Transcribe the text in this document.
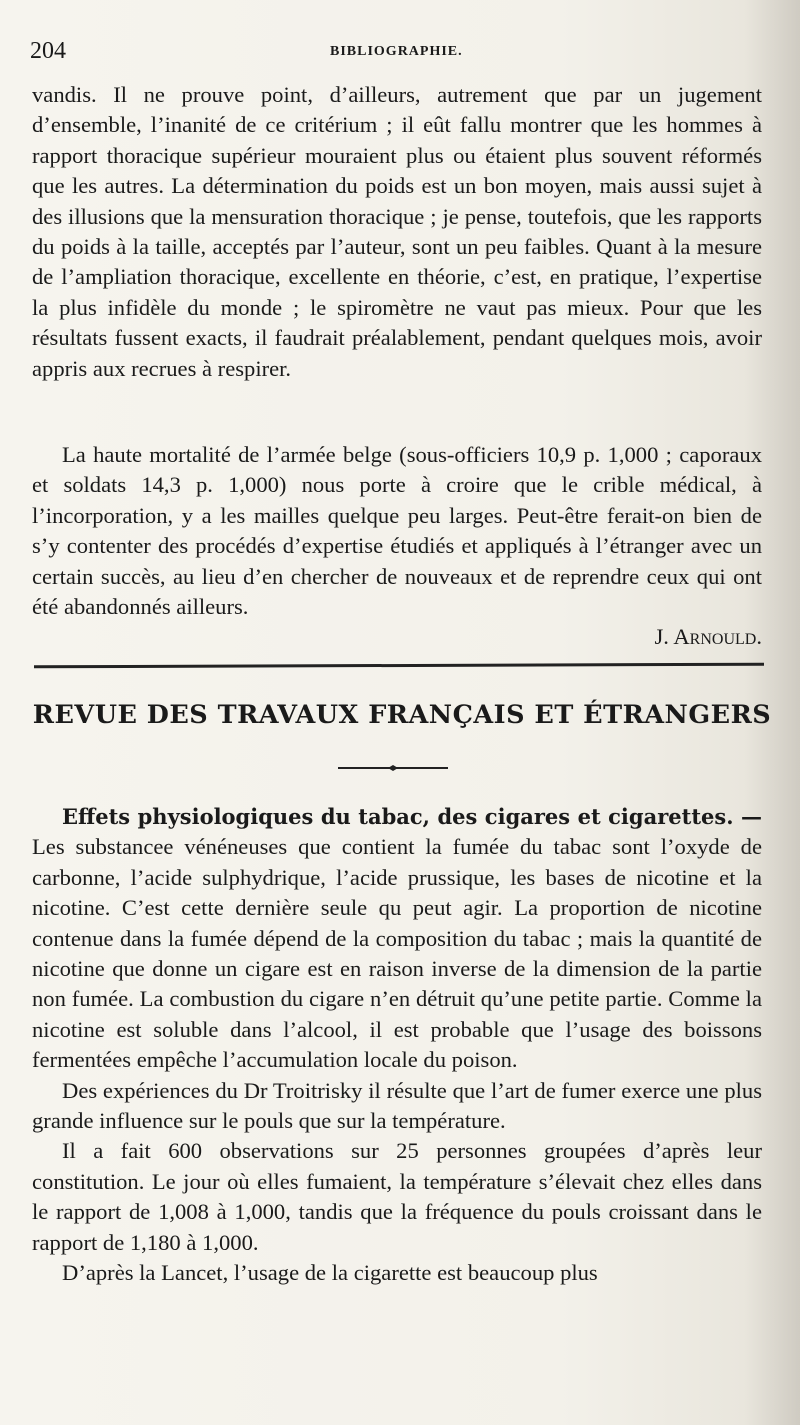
204	BIBLIOGRAPHIE.

vandis. Il ne prouve point, d’ailleurs, autrement que par un jugement d’ensemble, l’inanité de ce critérium ; il eût fallu montrer que les hommes à rapport thoracique supérieur mouraient plus ou étaient plus souvent réformés que les autres. La détermination du poids est un bon moyen, mais aussi sujet à des illusions que la mensuration thoracique ; je pense, toutefois, que les rapports du poids à la taille, acceptés par l’auteur, sont un peu faibles. Quant à la mesure de l’ampliation thoracique, excellente en théorie, c’est, en pratique, l’expertise la plus infidèle du monde ; le spiromètre ne vaut pas mieux. Pour que les résultats fussent exacts, il faudrait préalablement, pendant quelques mois, avoir appris aux recrues à respirer.

La haute mortalité de l’armée belge (sous-officiers 10,9 p. 1,000 ; caporaux et soldats 14,3 p. 1,000) nous porte à croire que le crible médical, à l’incorporation, y a les mailles quelque peu larges. Peut-être ferait-on bien de s’y contenter des procédés d’expertise étudiés et appliqués à l’étranger avec un certain succès, au lieu d’en chercher de nouveaux et de reprendre ceux qui ont été abandonnés ailleurs.

J. Arnould.

REVUE DES TRAVAUX FRANÇAIS ET ÉTRANGERS

Effets physiologiques du tabac, des cigares et cigarettes. — Les substancee vénéneuses que contient la fumée du tabac sont l’oxyde de carbonne, l’acide sulphydrique, l’acide prussique, les bases de nicotine et la nicotine. C’est cette dernière seule qu peut agir. La proportion de nicotine contenue dans la fumée dépend de la composition du tabac ; mais la quantité de nicotine que donne un cigare est en raison inverse de la dimension de la partie non fumée. La combustion du cigare n’en détruit qu’une petite partie. Comme la nicotine est soluble dans l’alcool, il est probable que l’usage des boissons fermentées empêche l’accumulation locale du poison.

Des expériences du Dr Troitrisky il résulte que l’art de fumer exerce une plus grande influence sur le pouls que sur la température.

Il a fait 600 observations sur 25 personnes groupées d’après leur constitution. Le jour où elles fumaient, la température s’élevait chez elles dans le rapport de 1,008 à 1,000, tandis que la fréquence du pouls croissant dans le rapport de 1,180 à 1,000.

D’après la Lancet, l’usage de la cigarette est beaucoup plus
